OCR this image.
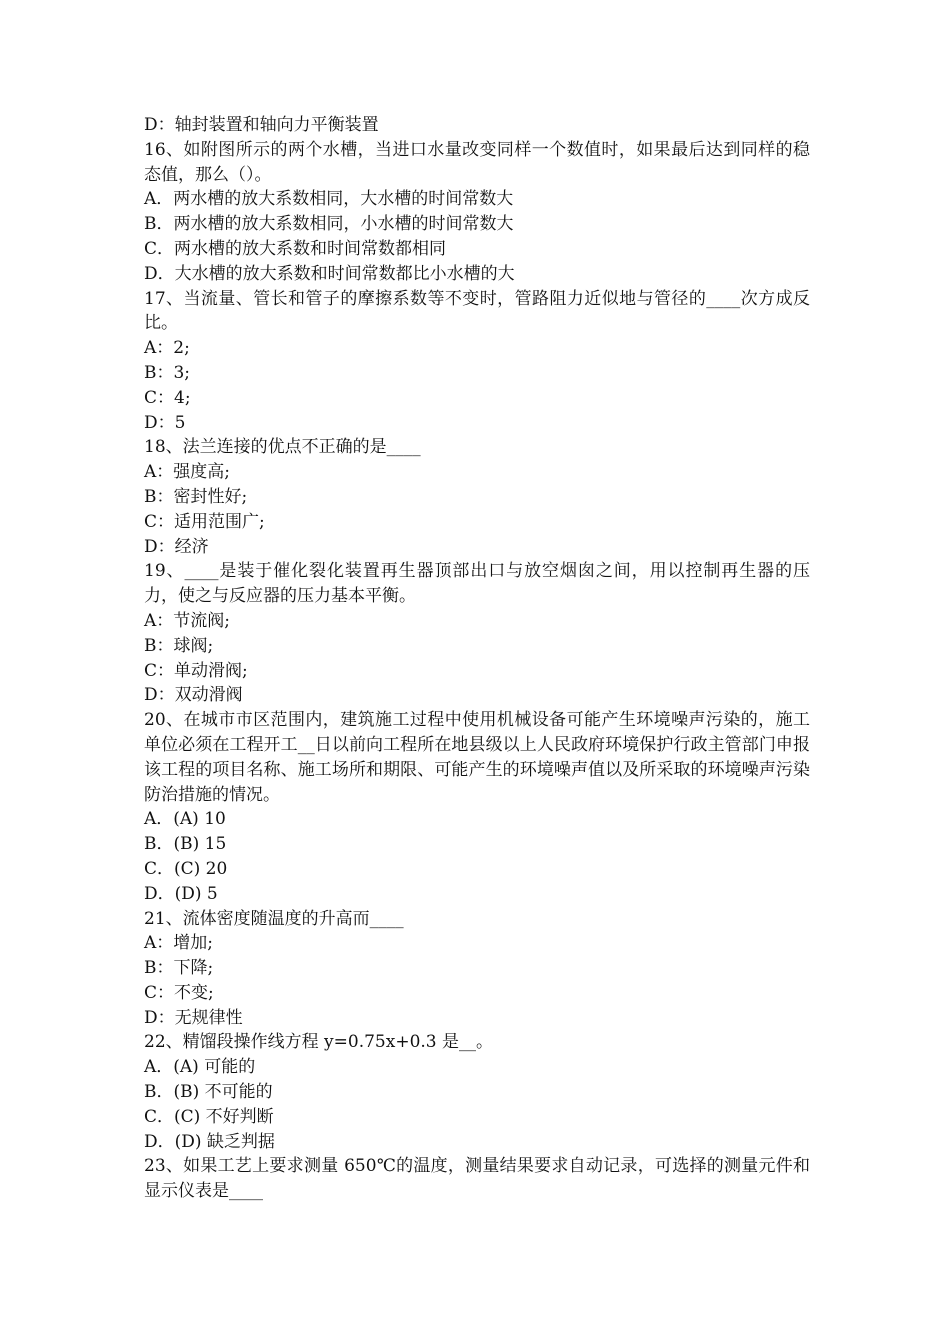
D：轴封装置和轴向力平衡装置
16、如附图所示的两个水槽，当进口水量改变同样一个数值时，如果最后达到同样的稳态值，那么（）。
A．两水槽的放大系数相同，大水槽的时间常数大
B．两水槽的放大系数相同，小水槽的时间常数大
C．两水槽的放大系数和时间常数都相同
D．大水槽的放大系数和时间常数都比小水槽的大
17、当流量、管长和管子的摩擦系数等不变时，管路阻力近似地与管径的____次方成反比。
A：2;
B：3;
C：4;
D：5
18、法兰连接的优点不正确的是____
A：强度高;
B：密封性好;
C：适用范围广;
D：经济
19、____是装于催化裂化装置再生器顶部出口与放空烟囱之间，用以控制再生器的压力，使之与反应器的压力基本平衡。
A：节流阀;
B：球阀;
C：单动滑阀;
D：双动滑阀
20、在城市市区范围内，建筑施工过程中使用机械设备可能产生环境噪声污染的，施工单位必须在工程开工__日以前向工程所在地县级以上人民政府环境保护行政主管部门申报该工程的项目名称、施工场所和期限、可能产生的环境噪声值以及所采取的环境噪声污染防治措施的情况。
A．(A) 10
B．(B) 15
C．(C) 20
D．(D) 5
21、流体密度随温度的升高而____
A：增加;
B：下降;
C：不变;
D：无规律性
22、精馏段操作线方程 y=0.75x+0.3 是__。
A．(A) 可能的
B．(B) 不可能的
C．(C) 不好判断
D．(D) 缺乏判据
23、如果工艺上要求测量 650℃的温度，测量结果要求自动记录，可选择的测量元件和显示仪表是____
